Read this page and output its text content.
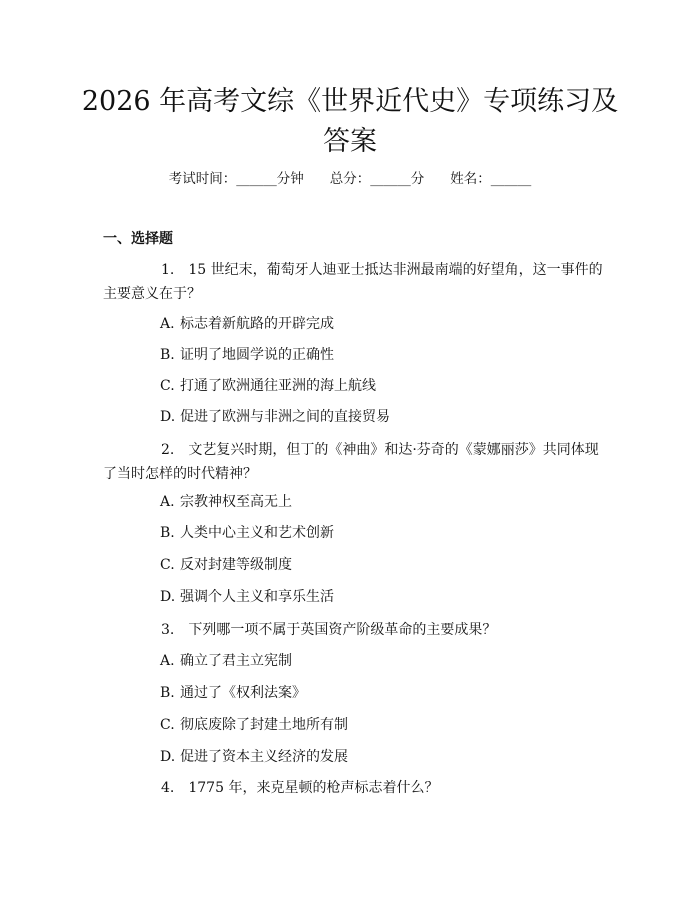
2026 年高考文综《世界近代史》专项练习及答案
考试时间：______分钟 总分：______分 姓名：______
一、选择题

1. 15 世纪末，葡萄牙人迪亚士抵达非洲最南端的好望角，这一事件的主要意义在于？

A. 标志着新航路的开辟完成
B. 证明了地圆学说的正确性
C. 打通了欧洲通往亚洲的海上航线
D. 促进了欧洲与非洲之间的直接贸易

2. 文艺复兴时期，但丁的《神曲》和达·芬奇的《蒙娜丽莎》共同体现了当时怎样的时代精神？

A. 宗教神权至高无上
B. 人类中心主义和艺术创新
C. 反对封建等级制度
D. 强调个人主义和享乐生活

3. 下列哪一项不属于英国资产阶级革命的主要成果？

A. 确立了君主立宪制
B. 通过了《权利法案》
C. 彻底废除了封建土地所有制
D. 促进了资本主义经济的发展

4. 1775 年，来克星顿的枪声标志着什么？
